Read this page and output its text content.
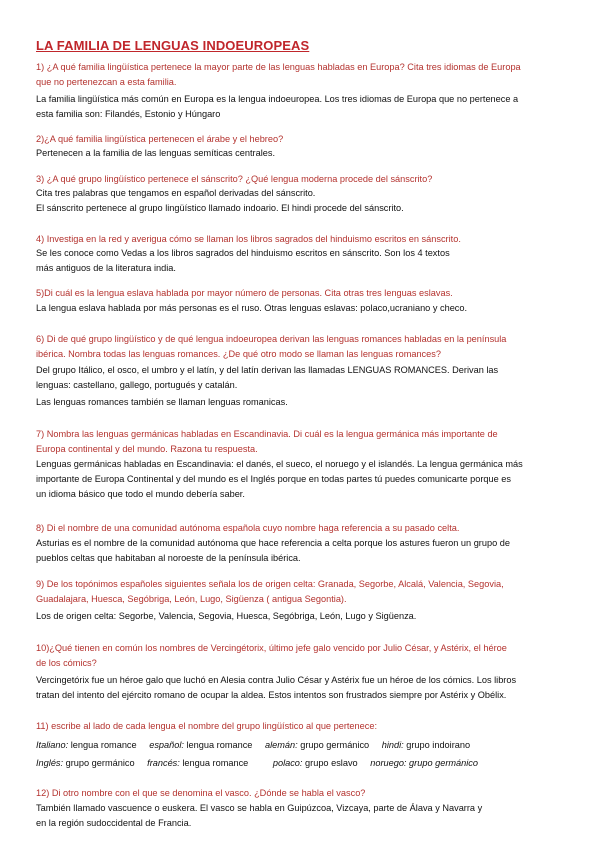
LA FAMILIA DE LENGUAS INDOEUROPEAS
1) ¿A qué familia lingüística pertenece la mayor parte de las lenguas habladas en Europa? Cita tres idiomas de Europa
que no pertenezcan a esta familia.
La familia lingüística más común en Europa es la lengua indoeuropea. Los tres idiomas de Europa que no pertenece a
esta familia son: Filandés, Estonio y Húngaro
2)¿A qué familia lingüística pertenecen el árabe y el hebreo?
Pertenecen a la familia de las lenguas semíticas centrales.
3) ¿A qué grupo lingüístico pertenece el sánscrito? ¿Qué lengua moderna procede del sánscrito?
Cita tres palabras que tengamos en español derivadas del sánscrito.
El sánscrito pertenece al grupo lingüístico llamado indoario. El hindi procede del sánscrito.
4) Investiga en la red y averigua cómo se llaman los libros sagrados del hinduismo escritos en sánscrito.
Se les conoce como Vedas a los libros sagrados del hinduismo escritos en sánscrito. Son los 4 textos
más antiguos de la literatura india.
5)Di cuál es la lengua eslava hablada por mayor número de personas. Cita otras tres lenguas eslavas.
La lengua eslava hablada por más personas es el ruso. Otras lenguas eslavas: polaco,ucraniano y checo.
6) Di de qué grupo lingüístico y de qué lengua indoeuropea derivan las lenguas romances habladas en la península
ibérica. Nombra todas las lenguas romances. ¿De qué otro modo se llaman las lenguas romances?
Del grupo Itálico, el osco, el umbro y el latín, y del latín derivan las llamadas LENGUAS ROMANCES. Derivan las
lenguas: castellano, gallego, portugués y catalán.
Las lenguas romances también se llaman lenguas romanicas.
7) Nombra las lenguas germánicas habladas en Escandinavia. Di cuál es la lengua germánica más importante de
Europa continental y del mundo. Razona tu respuesta.
Lenguas germánicas habladas en Escandinavia: el danés, el sueco, el noruego y el islandés. La lengua germánica más
importante de Europa Continental y del mundo es el Inglés porque en todas partes tú puedes comunicarte porque es
un idioma básico que todo el mundo debería saber.
8) Di el nombre de una comunidad autónoma española cuyo nombre haga referencia a su pasado celta.
Asturias es el nombre de la comunidad autónoma que hace referencia a celta porque los astures fueron un grupo de
pueblos celtas que habitaban al noroeste de la península ibérica.
9) De los topónimos españoles siguientes señala los de origen celta: Granada, Segorbe, Alcalá, Valencia, Segovia,
Guadalajara, Huesca, Segóbriga, León, Lugo, Sigüenza ( antigua Segontia).
Los de origen celta: Segorbe, Valencia, Segovia, Huesca, Segóbriga, León, Lugo y Sigüenza.
10)¿Qué tienen en común los nombres de Vercingétorix, último jefe galo vencido por Julio César, y Astérix, el héroe
de los cómics?
Vercingetórix fue un héroe galo que luchó en Alesia contra Julio César y Astérix fue un héroe de los cómics. Los libros
tratan del intento del ejército romano de ocupar la aldea. Estos intentos son frustrados siempre por Astérix y Obélix.
11) escribe al lado de cada lengua el nombre del grupo lingüístico al que pertenece:
Italiano: lengua romance español: lengua romance alemán: grupo germánico hindi: grupo indoirano
Inglés: grupo germánico francés: lengua romance	polaco: grupo eslavo noruego: grupo germánico
12) Di otro nombre con el que se denomina el vasco. ¿Dónde se habla el vasco?
También llamado vascuence o euskera. El vasco se habla en Guipúzcoa, Vizcaya, parte de Álava y Navarra y
en la región sudoccidental de Francia.
